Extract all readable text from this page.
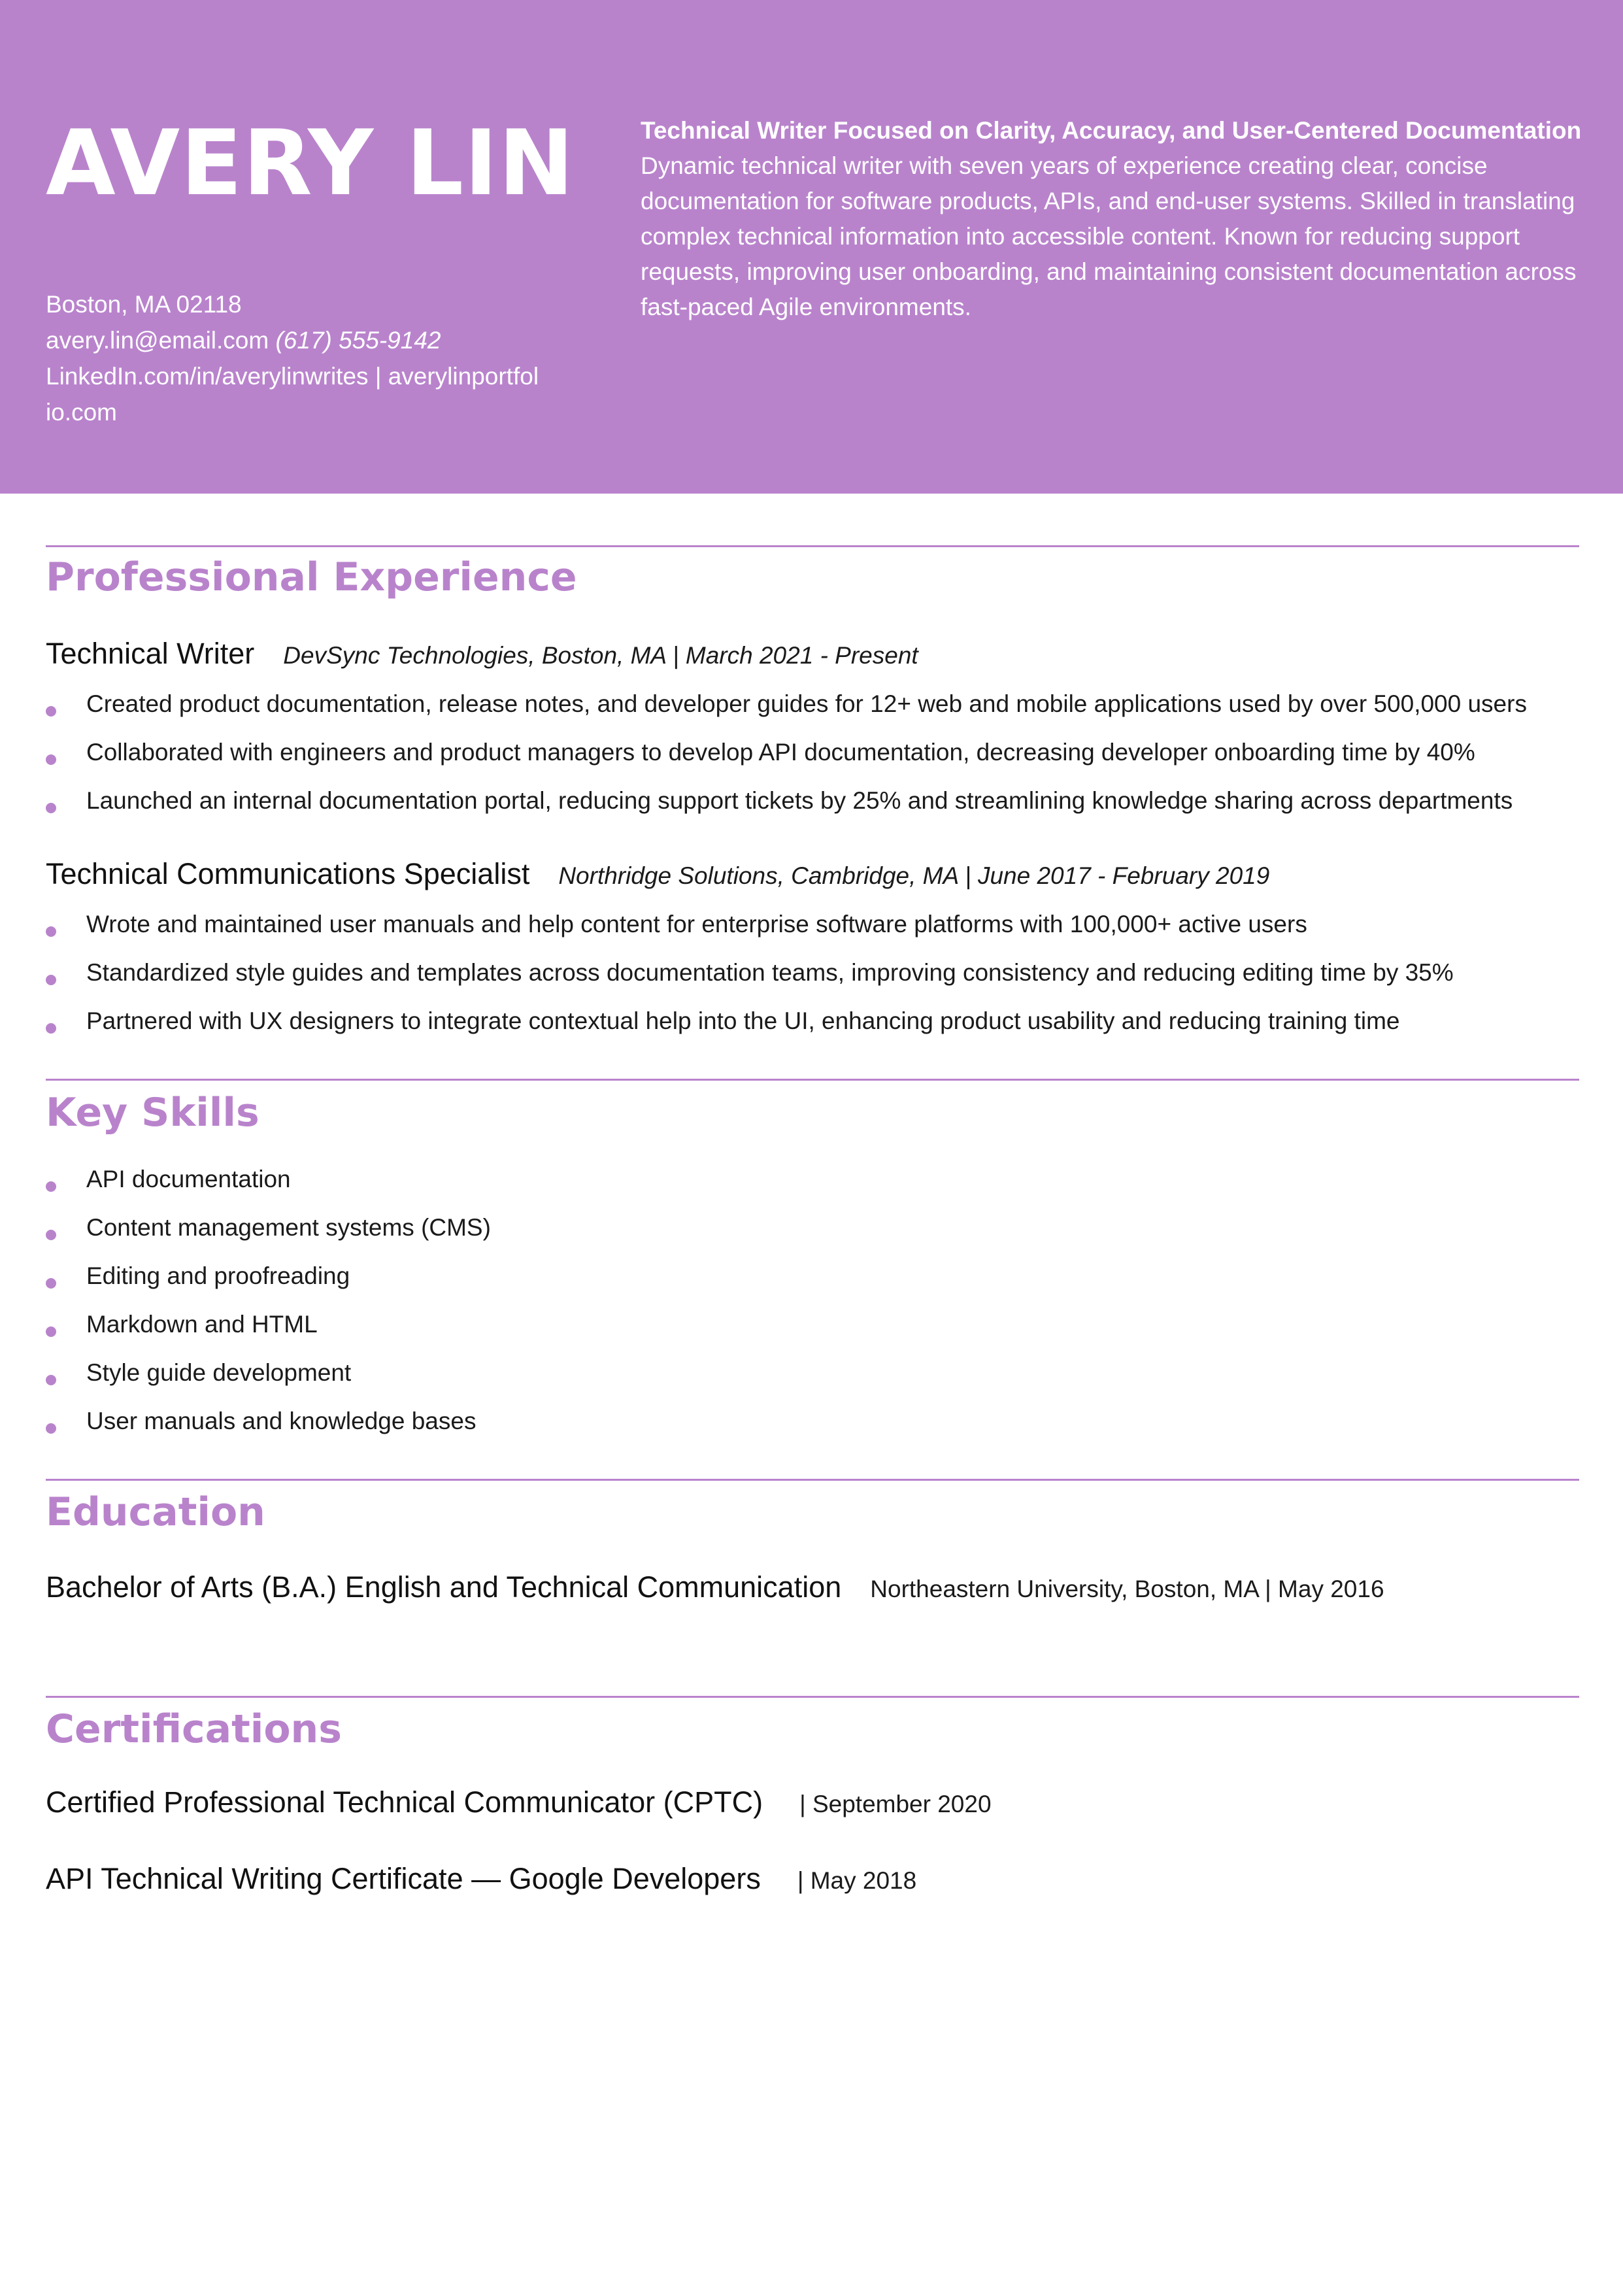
AVERY LIN
Boston, MA 02118
avery.lin@email.com (617) 555-9142
LinkedIn.com/in/averylinwrites | averylinportfol
io.com
Technical Writer Focused on Clarity, Accuracy, and User-Centered Documentation
Dynamic technical writer with seven years of experience creating clear, concise documentation for software products, APIs, and end-user systems. Skilled in translating complex technical information into accessible content. Known for reducing support requests, improving user onboarding, and maintaining consistent documentation across fast-paced Agile environments.
Professional Experience
Technical Writer DevSync Technologies, Boston, MA | March 2021 - Present
Created product documentation, release notes, and developer guides for 12+ web and mobile applications used by over 500,000 users
Collaborated with engineers and product managers to develop API documentation, decreasing developer onboarding time by 40%
Launched an internal documentation portal, reducing support tickets by 25% and streamlining knowledge sharing across departments
Technical Communications Specialist Northridge Solutions, Cambridge, MA | June 2017 - February 2019
Wrote and maintained user manuals and help content for enterprise software platforms with 100,000+ active users
Standardized style guides and templates across documentation teams, improving consistency and reducing editing time by 35%
Partnered with UX designers to integrate contextual help into the UI, enhancing product usability and reducing training time
Key Skills
API documentation
Content management systems (CMS)
Editing and proofreading
Markdown and HTML
Style guide development
User manuals and knowledge bases
Education
Bachelor of Arts (B.A.) English and Technical Communication Northeastern University, Boston, MA | May 2016
Certifications
Certified Professional Technical Communicator (CPTC) | September 2020
API Technical Writing Certificate — Google Developers | May 2018
